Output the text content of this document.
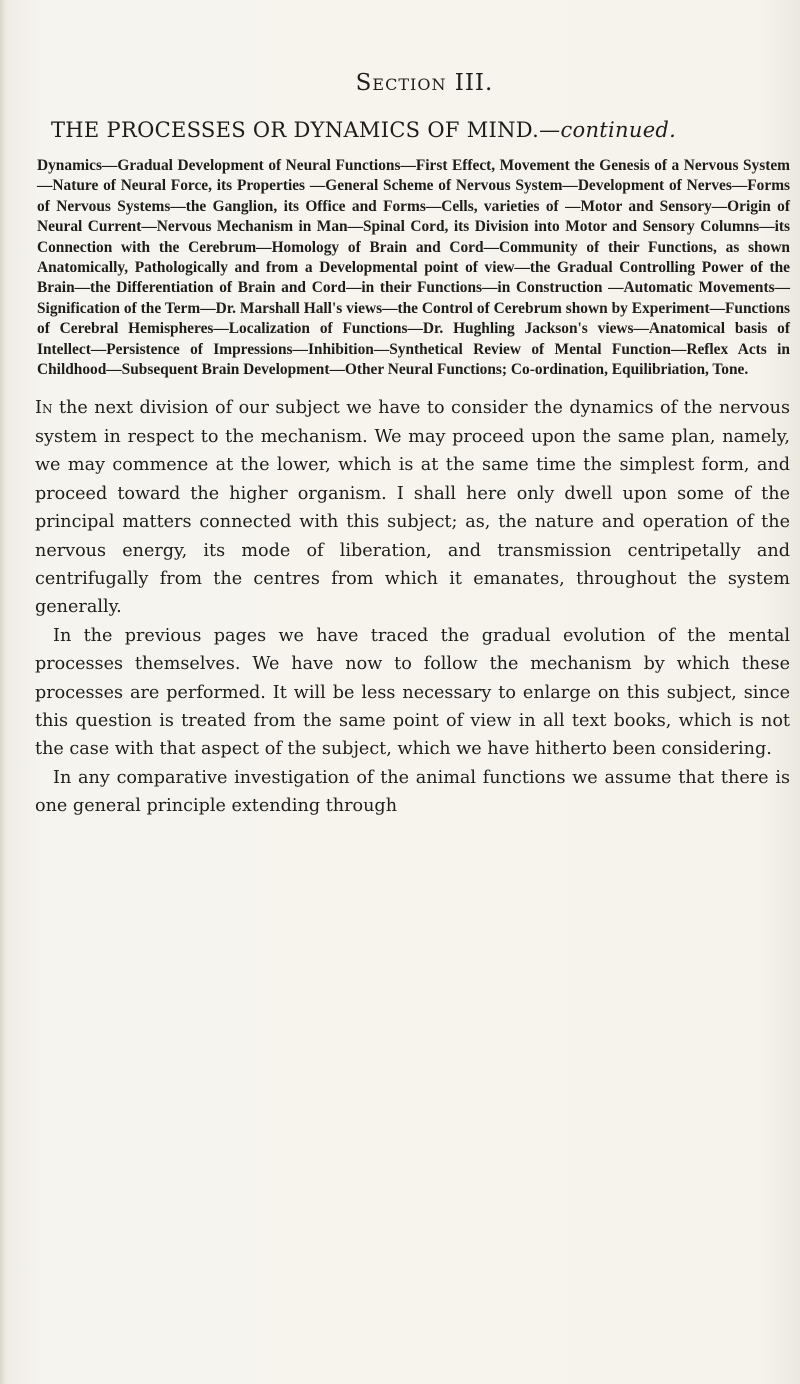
Section III.
THE PROCESSES OR DYNAMICS OF MIND.—continued.
Dynamics—Gradual Development of Neural Functions—First Effect, Movement the Genesis of a Nervous System—Nature of Neural Force, its Properties —General Scheme of Nervous System—Development of Nerves—Forms of Nervous Systems—the Ganglion, its Office and Forms—Cells, varieties of —Motor and Sensory—Origin of Neural Current—Nervous Mechanism in Man—Spinal Cord, its Division into Motor and Sensory Columns—its Connection with the Cerebrum—Homology of Brain and Cord—Community of their Functions, as shown Anatomically, Pathologically and from a Developmental point of view—the Gradual Controlling Power of the Brain—the Differentiation of Brain and Cord—in their Functions—in Construction —Automatic Movements—Signification of the Term—Dr. Marshall Hall's views—the Control of Cerebrum shown by Experiment—Functions of Cerebral Hemispheres—Localization of Functions—Dr. Hughling Jackson's views—Anatomical basis of Intellect—Persistence of Impressions—Inhibition—Synthetical Review of Mental Function—Reflex Acts in Childhood—Subsequent Brain Development—Other Neural Functions; Co-ordination, Equilibriation, Tone.

In the next division of our subject we have to consider the dynamics of the nervous system in respect to the mechanism. We may proceed upon the same plan, namely, we may commence at the lower, which is at the same time the simplest form, and proceed toward the higher organism. I shall here only dwell upon some of the principal matters connected with this subject; as, the nature and operation of the nervous energy, its mode of liberation, and transmission centripetally and centrifugally from the centres from which it emanates, throughout the system generally.

In the previous pages we have traced the gradual evolution of the mental processes themselves. We have now to follow the mechanism by which these processes are performed. It will be less necessary to enlarge on this subject, since this question is treated from the same point of view in all text books, which is not the case with that aspect of the subject, which we have hitherto been considering.

In any comparative investigation of the animal functions we assume that there is one general principle extending through
